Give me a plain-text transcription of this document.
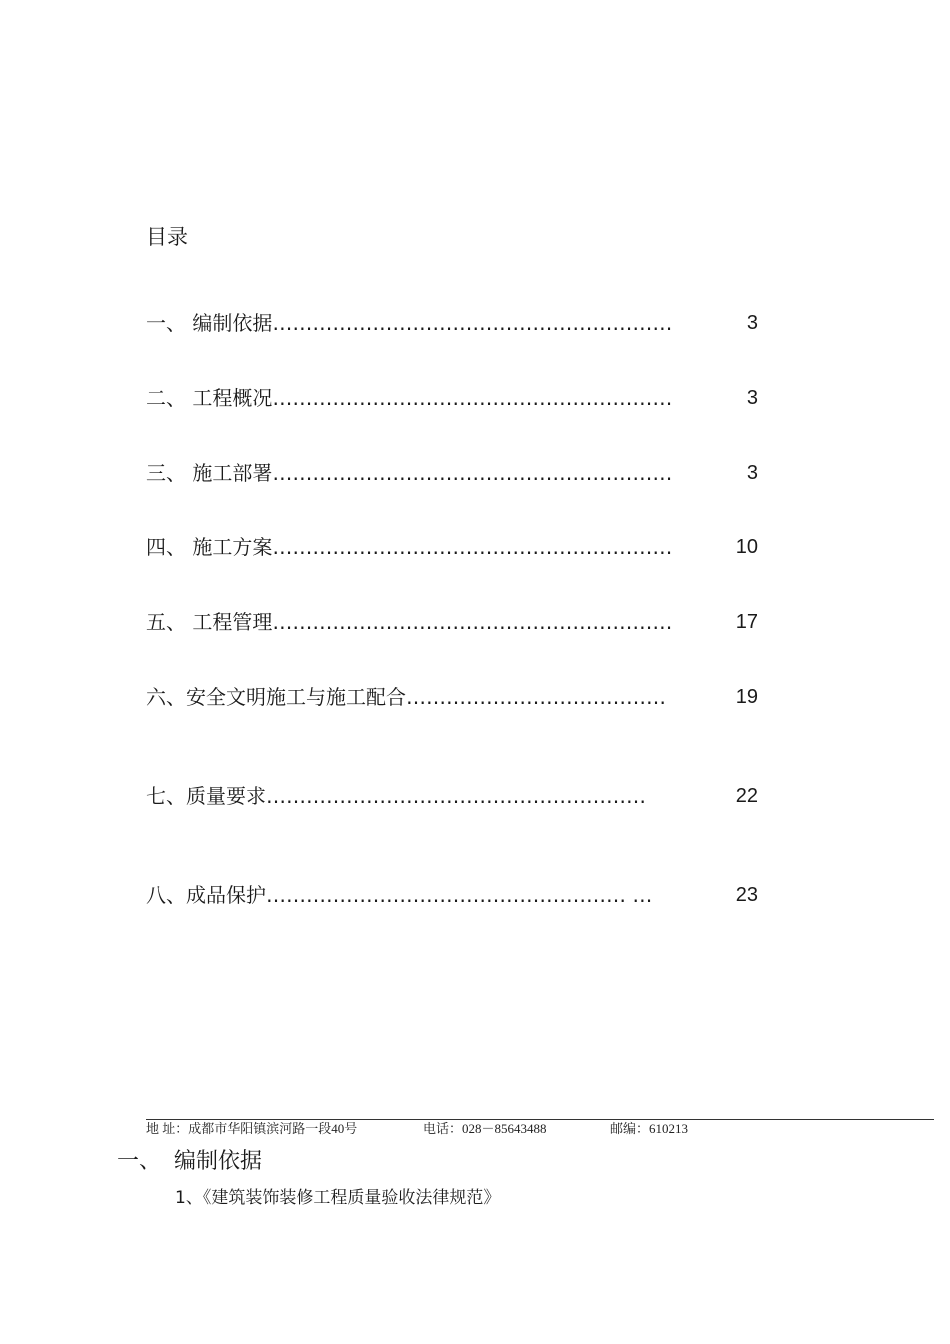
目录
一、 编制依据……………………………………………………	3
二、 工程概况……………………………………………………	3
三、 施工部署……………………………………………………	3
四、 施工方案……………………………………………………	10
五、 工程管理……………………………………………………	17
六、安全文明施工与施工配合…………………………………	19
七、质量要求…………………………………………………	22
八、成品保护……………………………………………… …	23
地 址：成都市华阳镇滨河路一段40号	电话：028－85643488	邮编：610213
一、 编制依据
1、《建筑装饰装修工程质量验收法律规范》
